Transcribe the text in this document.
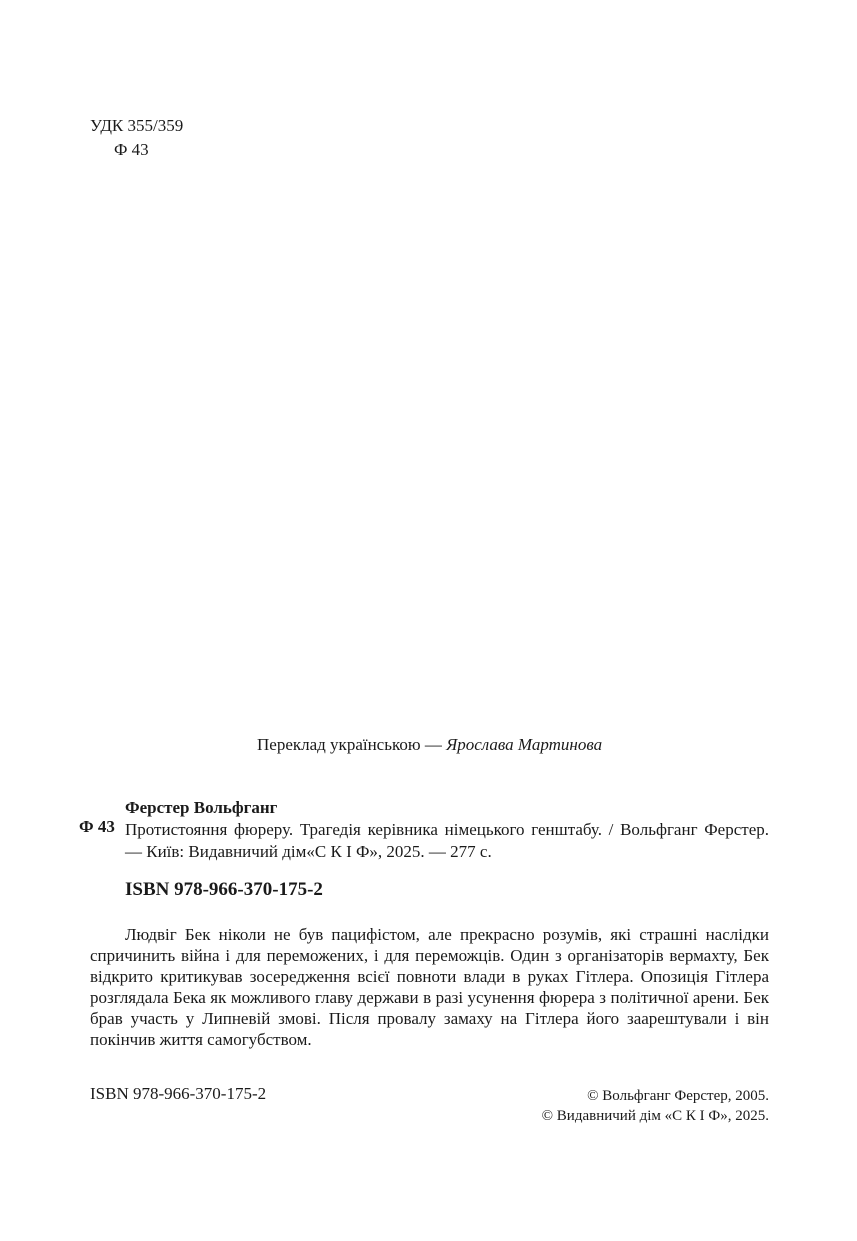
УДК 355/359
Ф 43
Переклад українською — Ярослава Мартинова
Ф 43
Ферстер Вольфганг
Протистояння фюреру. Трагедія керівника німецького генштабу. / Вольфганг Ферстер. — Київ: Видавничий дім«С К І Ф», 2025. — 277 с.
ISBN 978-966-370-175-2

Людвіг Бек ніколи не був пацифістом, але прекрасно розумів, які страшні наслідки спричинить війна і для переможених, і для переможців. Один з організаторів вермахту, Бек відкрито критикував зосередження всієї повноти влади в руках Гітлера. Опозиція Гітлера розглядала Бека як можливого главу держави в разі усунення фюрера з політичної арени. Бек брав участь у Липневій змові. Після провалу замаху на Гітлера його заарештували і він покінчив життя самогубством.

ISBN 978-966-370-175-2	© Вольфганг Ферстер, 2005.
© Видавничий дім «С К І Ф», 2025.
